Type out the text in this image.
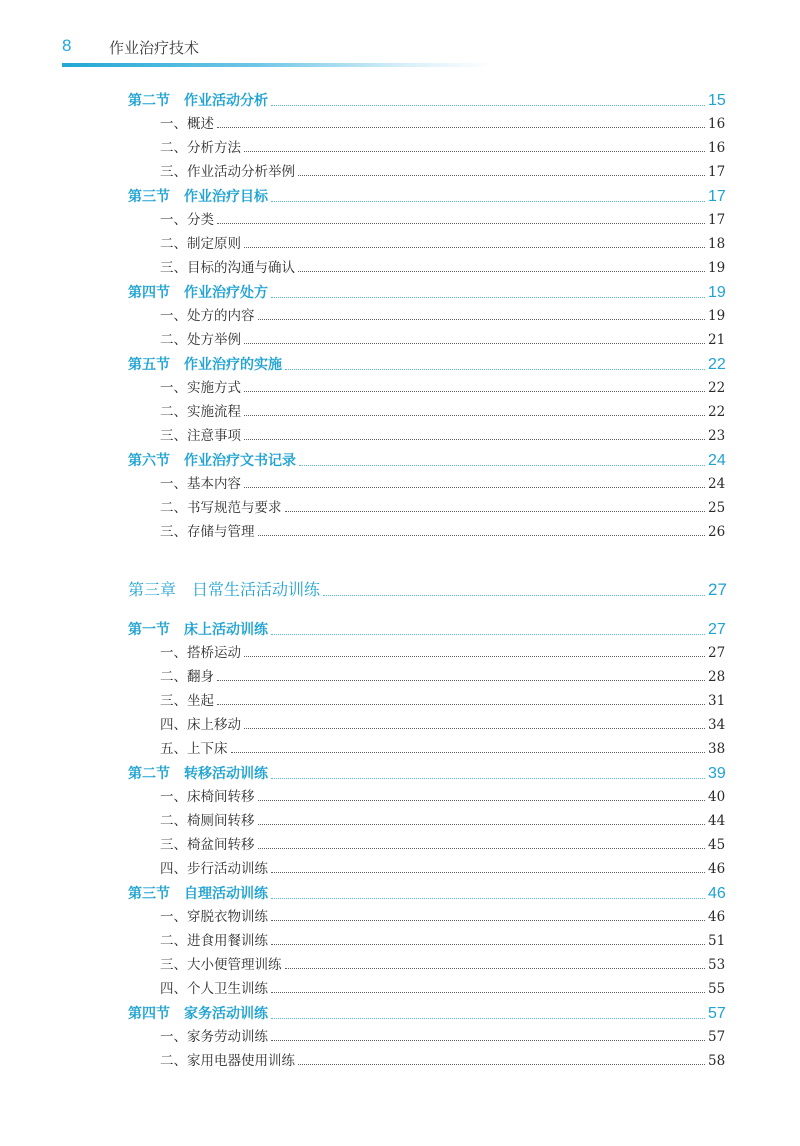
8	作业治疗技术
第二节 作业活动分析	15
一、概述	16
二、分析方法	16
三、作业活动分析举例	17
第三节 作业治疗目标	17
一、分类	17
二、制定原则	18
三、目标的沟通与确认	19
第四节 作业治疗处方	19
一、处方的内容	19
二、处方举例	21
第五节 作业治疗的实施	22
一、实施方式	22
二、实施流程	22
三、注意事项	23
第六节 作业治疗文书记录	24
一、基本内容	24
二、书写规范与要求	25
三、存储与管理	26
第三章 日常生活活动训练	27
第一节 床上活动训练	27
一、搭桥运动	27
二、翻身	28
三、坐起	31
四、床上移动	34
五、上下床	38
第二节 转移活动训练	39
一、床椅间转移	40
二、椅厕间转移	44
三、椅盆间转移	45
四、步行活动训练	46
第三节 自理活动训练	46
一、穿脱衣物训练	46
二、进食用餐训练	51
三、大小便管理训练	53
四、个人卫生训练	55
第四节 家务活动训练	57
一、家务劳动训练	57
二、家用电器使用训练	58
